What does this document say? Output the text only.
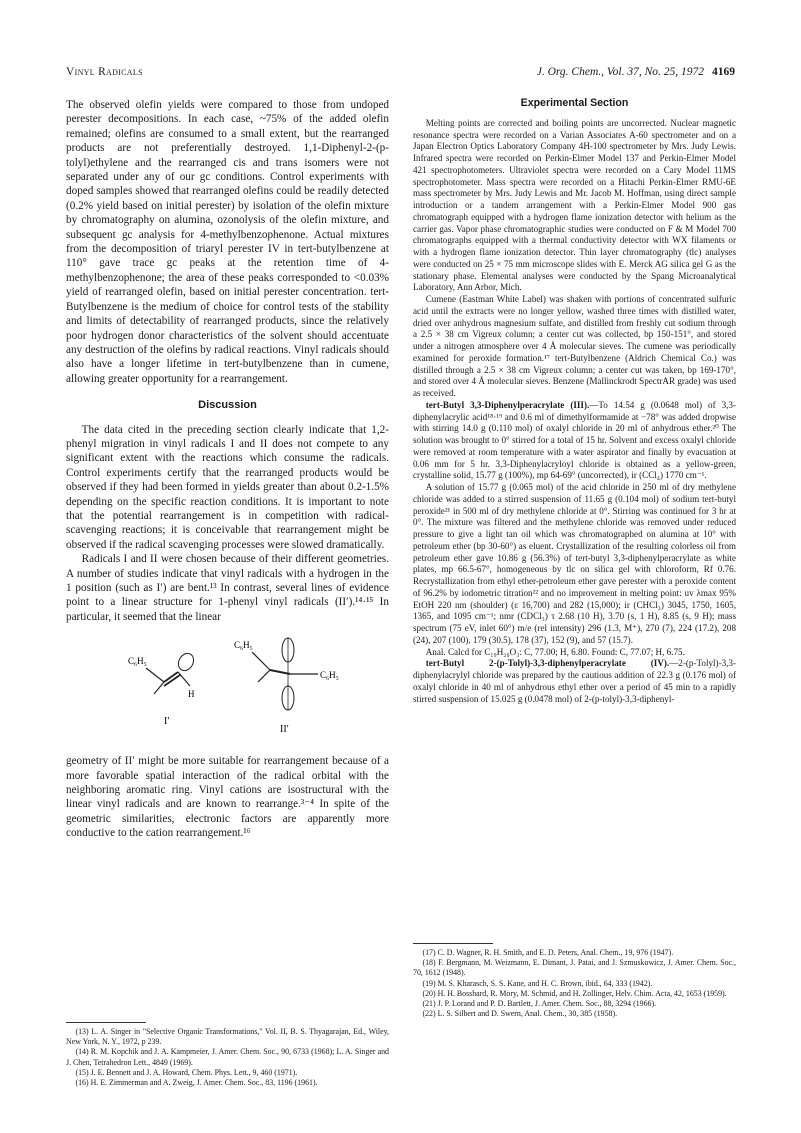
Vinyl Radicals	J. Org. Chem., Vol. 37, No. 25, 1972 4169

The observed olefin yields were compared to those from undoped perester decompositions. In each case, ~75% of the added olefin remained; olefins are consumed to a small extent, but the rearranged products are not preferentially destroyed. 1,1-Diphenyl-2-(p-tolyl)ethylene and the rearranged cis and trans isomers were not separated under any of our gc conditions. Control experiments with doped samples showed that rearranged olefins could be readily detected (0.2% yield based on initial perester) by isolation of the olefin mixture by chromatography on alumina, ozonolysis of the olefin mixture, and subsequent gc analysis for 4-methylbenzophenone. Actual mixtures from the decomposition of triaryl perester IV in tert-butylbenzene at 110° gave trace gc peaks at the retention time of 4-methylbenzophenone; the area of these peaks corresponded to <0.03% yield of rearranged olefin, based on initial perester concentration. tert-Butylbenzene is the medium of choice for control tests of the stability and limits of detectability of rearranged products, since the relatively poor hydrogen donor characteristics of the solvent should accentuate any destruction of the olefins by radical reactions. Vinyl radicals should also have a longer lifetime in tert-butylbenzene than in cumene, allowing greater opportunity for a rearrangement.

Discussion

The data cited in the preceding section clearly indicate that 1,2-phenyl migration in vinyl radicals I and II does not compete to any significant extent with the reactions which consume the radicals. Control experiments certify that the rearranged products would be observed if they had been formed in yields greater than about 0.2-1.5% depending on the specific reaction conditions. It is important to note that the potential rearrangement is in competition with radical-scavenging reactions; it is conceivable that rearrangement might be observed if the radical scavenging processes were slowed dramatically.

Radicals I and II were chosen because of their different geometries. A number of studies indicate that vinyl radicals with a hydrogen in the 1 position (such as I′) are bent.¹³ In contrast, several lines of evidence point to a linear structure for 1-phenyl vinyl radicals (II′).¹⁴·¹⁵ In particular, it seemed that the linear

C₆H₅
H
I′
C₆H₅
C₆H₅
II′

geometry of II′ might be more suitable for rearrangement because of a more favorable spatial interaction of the radical orbital with the neighboring aromatic ring. Vinyl cations are isostructural with the linear vinyl radicals and are known to rearrange.³⁻⁴ In spite of the geometric similarities, electronic factors are apparently more conductive to the cation rearrangement.¹⁶

(13) L. A. Singer in "Selective Organic Transformations," Vol. II, B. S. Thyagarajan, Ed., Wiley, New York, N. Y., 1972, p 239.
(14) R. M. Kopchik and J. A. Kampmeier, J. Amer. Chem. Soc., 90, 6733 (1968); L. A. Singer and J. Chen, Tetrahedron Lett., 4849 (1969).
(15) J. E. Bennett and J. A. Howard, Chem. Phys. Lett., 9, 460 (1971).
(16) H. E. Zimmerman and A. Zweig, J. Amer. Chem. Soc., 83, 1196 (1961).
Experimental Section

Melting points are corrected and boiling points are uncorrected. Nuclear magnetic resonance spectra were recorded on a Varian Associates A-60 spectrometer and on a Japan Electron Optics Laboratory Company 4H-100 spectrometer by Mrs. Judy Lewis. Infrared spectra were recorded on Perkin-Elmer Model 137 and Perkin-Elmer Model 421 spectrophotometers. Ultraviolet spectra were recorded on a Cary Model 11MS spectrophotometer. Mass spectra were recorded on a Hitachi Perkin-Elmer RMU-6E mass spectrometer by Mrs. Judy Lewis and Mr. Jacob M. Hoffman, using direct sample introduction or a tandem arrangement with a Perkin-Elmer Model 900 gas chromatograph equipped with a hydrogen flame ionization detector with helium as the carrier gas. Vapor phase chromatographic studies were conducted on F & M Model 700 chromatographs equipped with a thermal conductivity detector with WX filaments or with a hydrogen flame ionization detector. Thin layer chromatography (tlc) analyses were conducted on 25 × 75 mm microscope slides with E. Merck AG silica gel G as the stationary phase. Elemental analyses were conducted by the Spang Microanalytical Laboratory, Ann Arbor, Mich.

Cumene (Eastman White Label) was shaken with portions of concentrated sulfuric acid until the extracts were no longer yellow, washed three times with distilled water, dried over anhydrous magnesium sulfate, and distilled from freshly cut sodium through a 2.5 × 38 cm Vigreux column; a center cut was collected, bp 150-151°, and stored under a nitrogen atmosphere over 4 Å molecular sieves. The cumene was periodically examined for peroxide formation.¹⁷ tert-Butylbenzene (Aldrich Chemical Co.) was distilled through a 2.5 × 38 cm Vigreux column; a center cut was taken, bp 169-170°, and stored over 4 Å molecular sieves. Benzene (Mallinckrodt SpectrAR grade) was used as received.

tert-Butyl 3,3-Diphenylperacrylate (III).—To 14.54 g (0.0648 mol) of 3,3-diphenylacrylic acid¹⁸·¹⁹ and 0.6 ml of dimethylformamide at −78° was added dropwise with stirring 14.0 g (0.110 mol) of oxalyl chloride in 20 ml of anhydrous ether.²⁰ The solution was brought to 0° stirred for a total of 15 hr. Solvent and excess oxalyl chloride were removed at room temperature with a water aspirator and finally by evacuation at 0.06 mm for 5 hr. 3,3-Diphenylacryloyl chloride is obtained as a yellow-green, crystalline solid, 15.77 g (100%), mp 64-69° (uncorrected), ir (CCl₄) 1770 cm⁻¹.

A solution of 15.77 g (0.065 mol) of the acid chloride in 250 ml of dry methylene chloride was added to a stirred suspension of 11.65 g (0.104 mol) of sodium tert-butyl peroxide²¹ in 500 ml of dry methylene chloride at 0°. Stirring was continued for 3 hr at 0°. The mixture was filtered and the methylene chloride was removed under reduced pressure to give a light tan oil which was chromatographed on alumina at 10° with petroleum ether (bp 30-60°) as eluent. Crystallization of the resulting colorless oil from petroleum ether gave 10.86 g (56.3%) of tert-butyl 3,3-diphenylperacrylate as white plates, mp 66.5-67°, homogeneous by tlc on silica gel with chloroform, Rf 0.76. Recrystallization from ethyl ether-petroleum ether gave perester with a peroxide content of 96.2% by iodometric titration²² and no improvement in melting point: uv λmax 95% EtOH 220 nm (shoulder) (ε 16,700) and 282 (15,000); ir (CHCl₃) 3045, 1750, 1605, 1365, and 1095 cm⁻¹; nmr (CDCl₃) τ 2.68 (10 H), 3.70 (s, 1 H), 8.85 (s, 9 H); mass spectrum (75 eV, inlet 60°) m/e (rel intensity) 296 (1.3, M⁺), 270 (7), 224 (17.2), 208 (24), 207 (100), 179 (30.5), 178 (37), 152 (9), and 57 (15.7).

Anal. Calcd for C₁₉H₂₀O₃: C, 77.00; H, 6.80. Found: C, 77.07; H, 6.75.

tert-Butyl 2-(p-Tolyl)-3,3-diphenylperacrylate (IV).—2-(p-Tolyl)-3,3-diphenylacrylyl chloride was prepared by the cautious addition of 22.3 g (0.176 mol) of oxalyl chloride in 40 ml of anhydrous ethyl ether over a period of 45 min to a rapidly stirred suspension of 15.025 g (0.0478 mol) of 2-(p-tolyl)-3,3-diphenyl-

(17) C. D. Wagner, R. H. Smith, and E. D. Peters, Anal. Chem., 19, 976 (1947).
(18) F. Bergmann, M. Weizmann, E. Dimant, J. Patai, and J. Szmuskowicz, J. Amer. Chem. Soc., 70, 1612 (1948).
(19) M. S. Kharasch, S. S. Kane, and H. C. Brown, ibid., 64, 333 (1942).
(20) H. H. Bosshard, R. Mory, M. Schmid, and H. Zollinger, Helv. Chim. Acta, 42, 1653 (1959).
(21) J. P. Lorand and P. D. Bartlett, J. Amer. Chem. Soc., 88, 3294 (1966).
(22) L. S. Silbert and D. Swern, Anal. Chem., 30, 385 (1958).
